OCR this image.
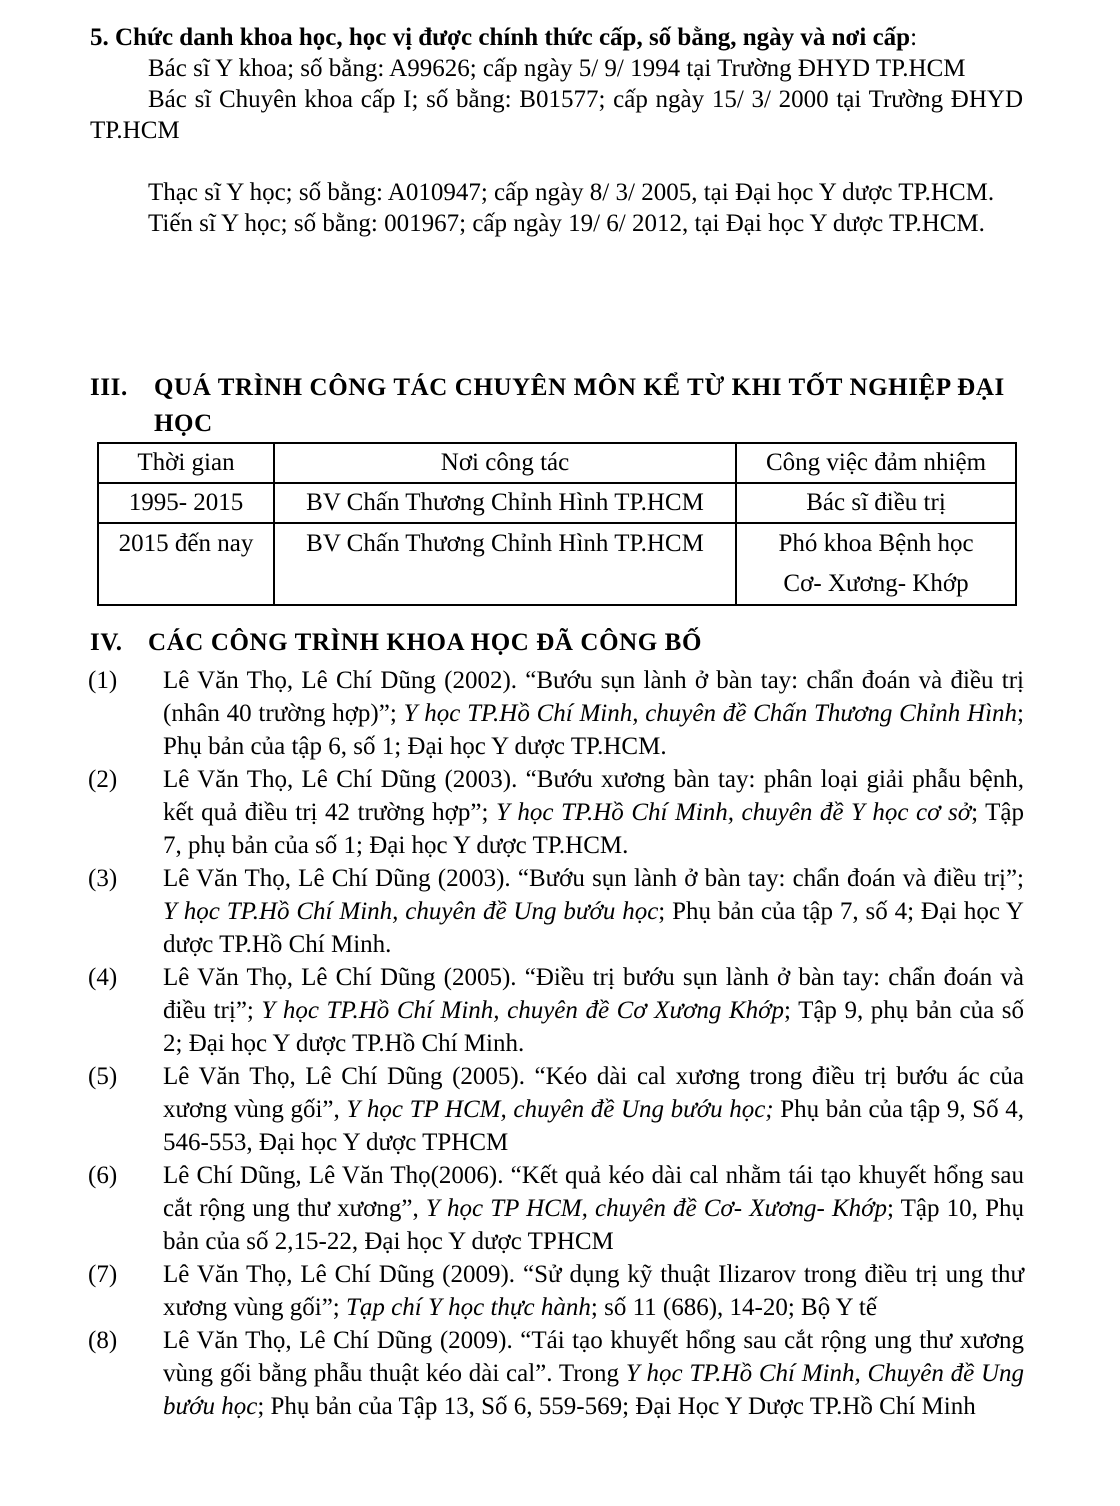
5. Chức danh khoa học, học vị được chính thức cấp, số bằng, ngày và nơi cấp:
Bác sĩ Y khoa; số bằng: A99626; cấp ngày 5/ 9/ 1994 tại Trường ĐHYD TP.HCM
Bác sĩ Chuyên khoa cấp I; số bằng: B01577; cấp ngày 15/ 3/ 2000 tại Trường ĐHYD TP.HCM
Thạc sĩ Y học; số bằng: A010947; cấp ngày 8/ 3/ 2005, tại Đại học Y dược TP.HCM.
Tiến sĩ Y học; số bằng: 001967; cấp ngày 19/ 6/ 2012, tại Đại học Y dược TP.HCM.
III.	QUÁ TRÌNH CÔNG TÁC CHUYÊN MÔN KỂ TỪ KHI TỐT NGHIỆP ĐẠI HỌC
Thời gian	Nơi công tác	Công việc đảm nhiệm
1995- 2015	BV Chấn Thương Chỉnh Hình TP.HCM	Bác sĩ điều trị
2015 đến nay	BV Chấn Thương Chỉnh Hình TP.HCM	Phó khoa Bệnh học
Cơ- Xương- Khớp
IV. CÁC CÔNG TRÌNH KHOA HỌC ĐÃ CÔNG BỐ
(1)	Lê Văn Thọ, Lê Chí Dũng (2002). “Bướu sụn lành ở bàn tay: chẩn đoán và điều trị (nhân 40 trường hợp)”; Y học TP.Hồ Chí Minh, chuyên đề Chấn Thương Chỉnh Hình; Phụ bản của tập 6, số 1; Đại học Y dược TP.HCM.
(2)	Lê Văn Thọ, Lê Chí Dũng (2003). “Bướu xương bàn tay: phân loại giải phẫu bệnh, kết quả điều trị 42 trường hợp”; Y học TP.Hồ Chí Minh, chuyên đề Y học cơ sở; Tập 7, phụ bản của số 1; Đại học Y dược TP.HCM.
(3)	Lê Văn Thọ, Lê Chí Dũng (2003). “Bướu sụn lành ở bàn tay: chẩn đoán và điều trị”; Y học TP.Hồ Chí Minh, chuyên đề Ung bướu học; Phụ bản của tập 7, số 4; Đại học Y dược TP.Hồ Chí Minh.
(4)	Lê Văn Thọ, Lê Chí Dũng (2005). “Điều trị bướu sụn lành ở bàn tay: chẩn đoán và điều trị”; Y học TP.Hồ Chí Minh, chuyên đề Cơ Xương Khớp; Tập 9, phụ bản của số 2; Đại học Y dược TP.Hồ Chí Minh.
(5)	Lê Văn Thọ, Lê Chí Dũng (2005). “Kéo dài cal xương trong điều trị bướu ác của xương vùng gối”, Y học TP HCM, chuyên đề Ung bướu học; Phụ bản của tập 9, Số 4, 546-553, Đại học Y dược TPHCM
(6)	Lê Chí Dũng, Lê Văn Thọ(2006). “Kết quả kéo dài cal nhằm tái tạo khuyết hổng sau cắt rộng ung thư xương”, Y học TP HCM, chuyên đề Cơ- Xương- Khớp; Tập 10, Phụ bản của số 2,15-22, Đại học Y dược TPHCM
(7)	Lê Văn Thọ, Lê Chí Dũng (2009). “Sử dụng kỹ thuật Ilizarov trong điều trị ung thư xương vùng gối”; Tạp chí Y học thực hành; số 11 (686), 14-20; Bộ Y tế
(8)	Lê Văn Thọ, Lê Chí Dũng (2009). “Tái tạo khuyết hổng sau cắt rộng ung thư xương vùng gối bằng phẫu thuật kéo dài cal”. Trong Y học TP.Hồ Chí Minh, Chuyên đề Ung bướu học; Phụ bản của Tập 13, Số 6, 559-569; Đại Học Y Dược TP.Hồ Chí Minh
